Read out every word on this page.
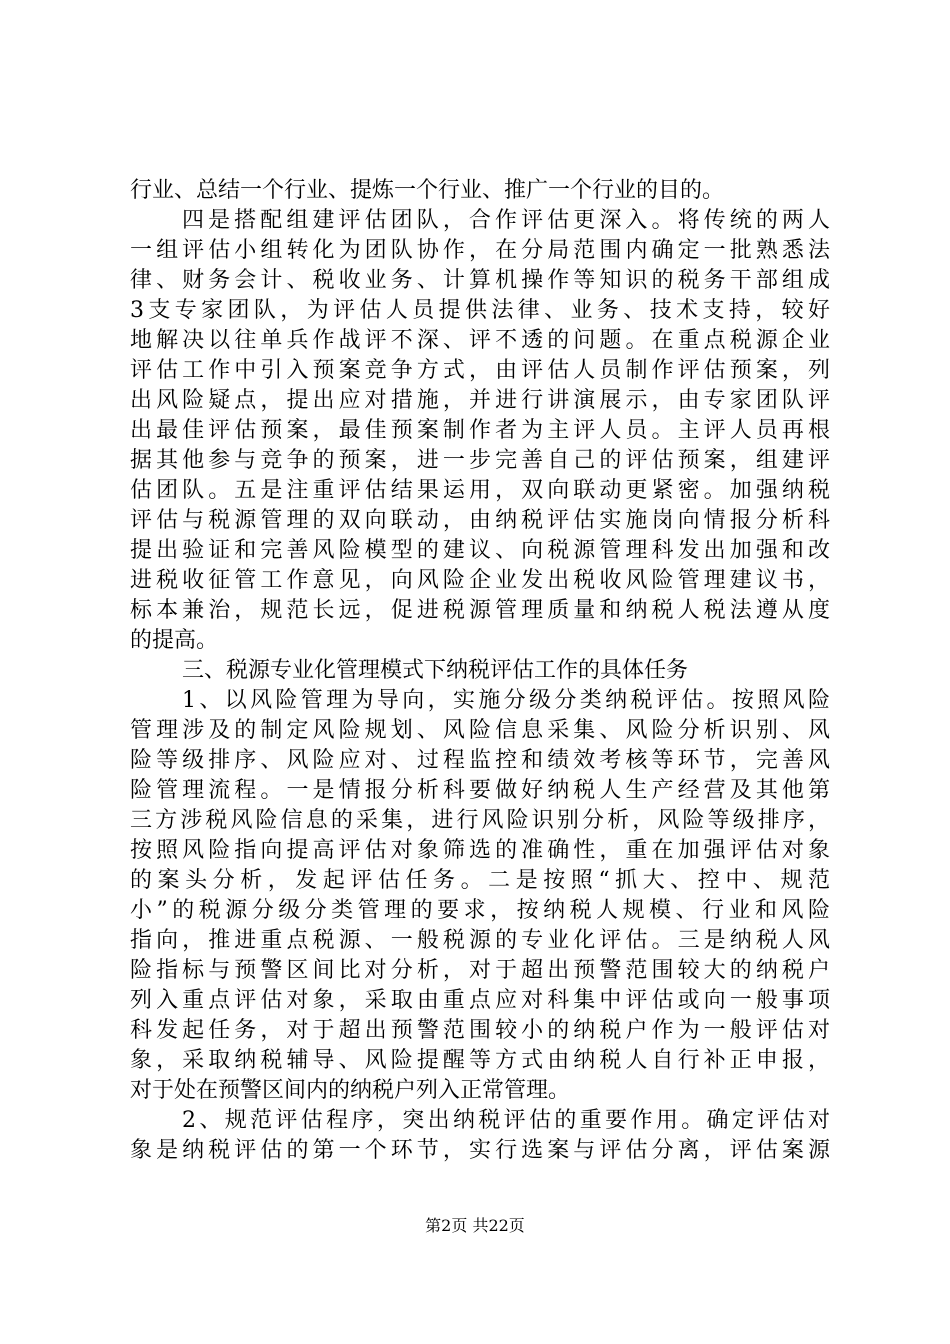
行业、总结一个行业、提炼一个行业、推广一个行业的目的。
四是搭配组建评估团队，合作评估更深入。将传统的两人
一组评估小组转化为团队协作，在分局范围内确定一批熟悉法
律、财务会计、税收业务、计算机操作等知识的税务干部组成
3支专家团队，为评估人员提供法律、业务、技术支持，较好
地解决以往单兵作战评不深、评不透的问题。在重点税源企业
评估工作中引入预案竞争方式，由评估人员制作评估预案，列
出风险疑点，提出应对措施，并进行讲演展示，由专家团队评
出最佳评估预案，最佳预案制作者为主评人员。主评人员再根
据其他参与竞争的预案，进一步完善自己的评估预案，组建评
估团队。五是注重评估结果运用，双向联动更紧密。加强纳税
评估与税源管理的双向联动，由纳税评估实施岗向情报分析科
提出验证和完善风险模型的建议、向税源管理科发出加强和改
进税收征管工作意见，向风险企业发出税收风险管理建议书，
标本兼治，规范长远，促进税源管理质量和纳税人税法遵从度
的提高。
三、税源专业化管理模式下纳税评估工作的具体任务
1、以风险管理为导向，实施分级分类纳税评估。按照风险
管理涉及的制定风险规划、风险信息采集、风险分析识别、风
险等级排序、风险应对、过程监控和绩效考核等环节，完善风
险管理流程。一是情报分析科要做好纳税人生产经营及其他第
三方涉税风险信息的采集，进行风险识别分析，风险等级排序，
按照风险指向提高评估对象筛选的准确性，重在加强评估对象
的案头分析，发起评估任务。二是按照“抓大、控中、规范
小”的税源分级分类管理的要求，按纳税人规模、行业和风险
指向，推进重点税源、一般税源的专业化评估。三是纳税人风
险指标与预警区间比对分析，对于超出预警范围较大的纳税户
列入重点评估对象，采取由重点应对科集中评估或向一般事项
科发起任务，对于超出预警范围较小的纳税户作为一般评估对
象，采取纳税辅导、风险提醒等方式由纳税人自行补正申报，
对于处在预警区间内的纳税户列入正常管理。
2、规范评估程序，突出纳税评估的重要作用。确定评估对
象是纳税评估的第一个环节，实行选案与评估分离，评估案源
第2页 共22页
